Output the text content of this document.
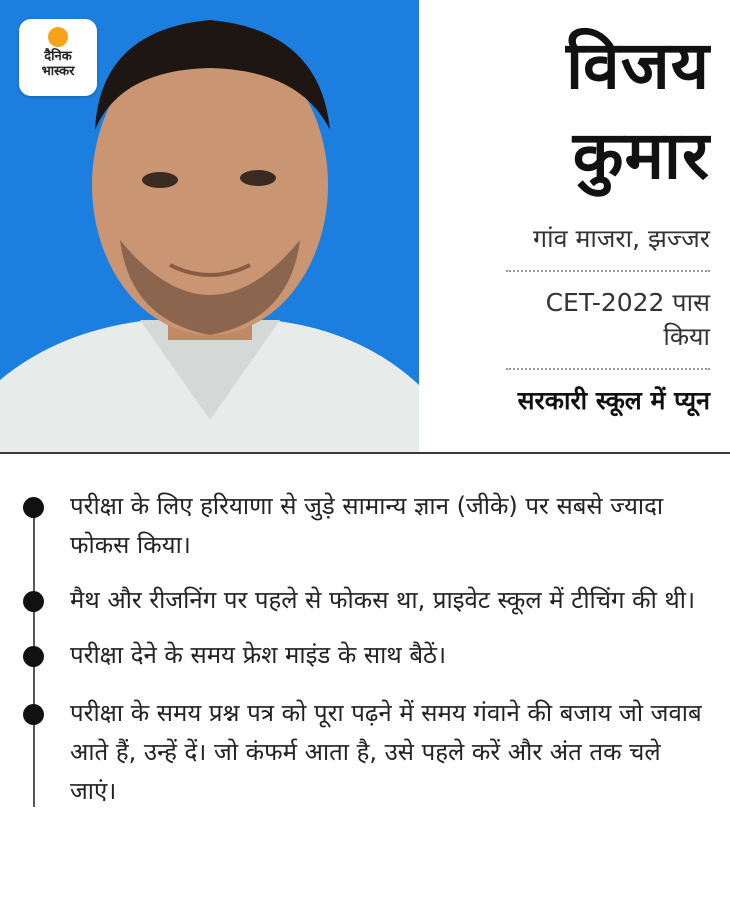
दैनिक
भास्कर	विजय
कुमार
गांव माजरा, झज्जर
CET-2022 पास किया
सरकारी स्कूल में प्यून
परीक्षा के लिए हरियाणा से जुड़े सामान्य ज्ञान (जीके) पर सबसे ज्यादा फोकस किया।
मैथ और रीजनिंग पर पहले से फोकस था, प्राइवेट स्कूल में टीचिंग की थी।
परीक्षा देने के समय फ्रेश माइंड के साथ बैठें।
परीक्षा के समय प्रश्न पत्र को पूरा पढ़ने में समय गंवाने की बजाय जो जवाब आते हैं, उन्हें दें। जो कंफर्म आता है, उसे पहले करें और अंत तक चले जाएं।
